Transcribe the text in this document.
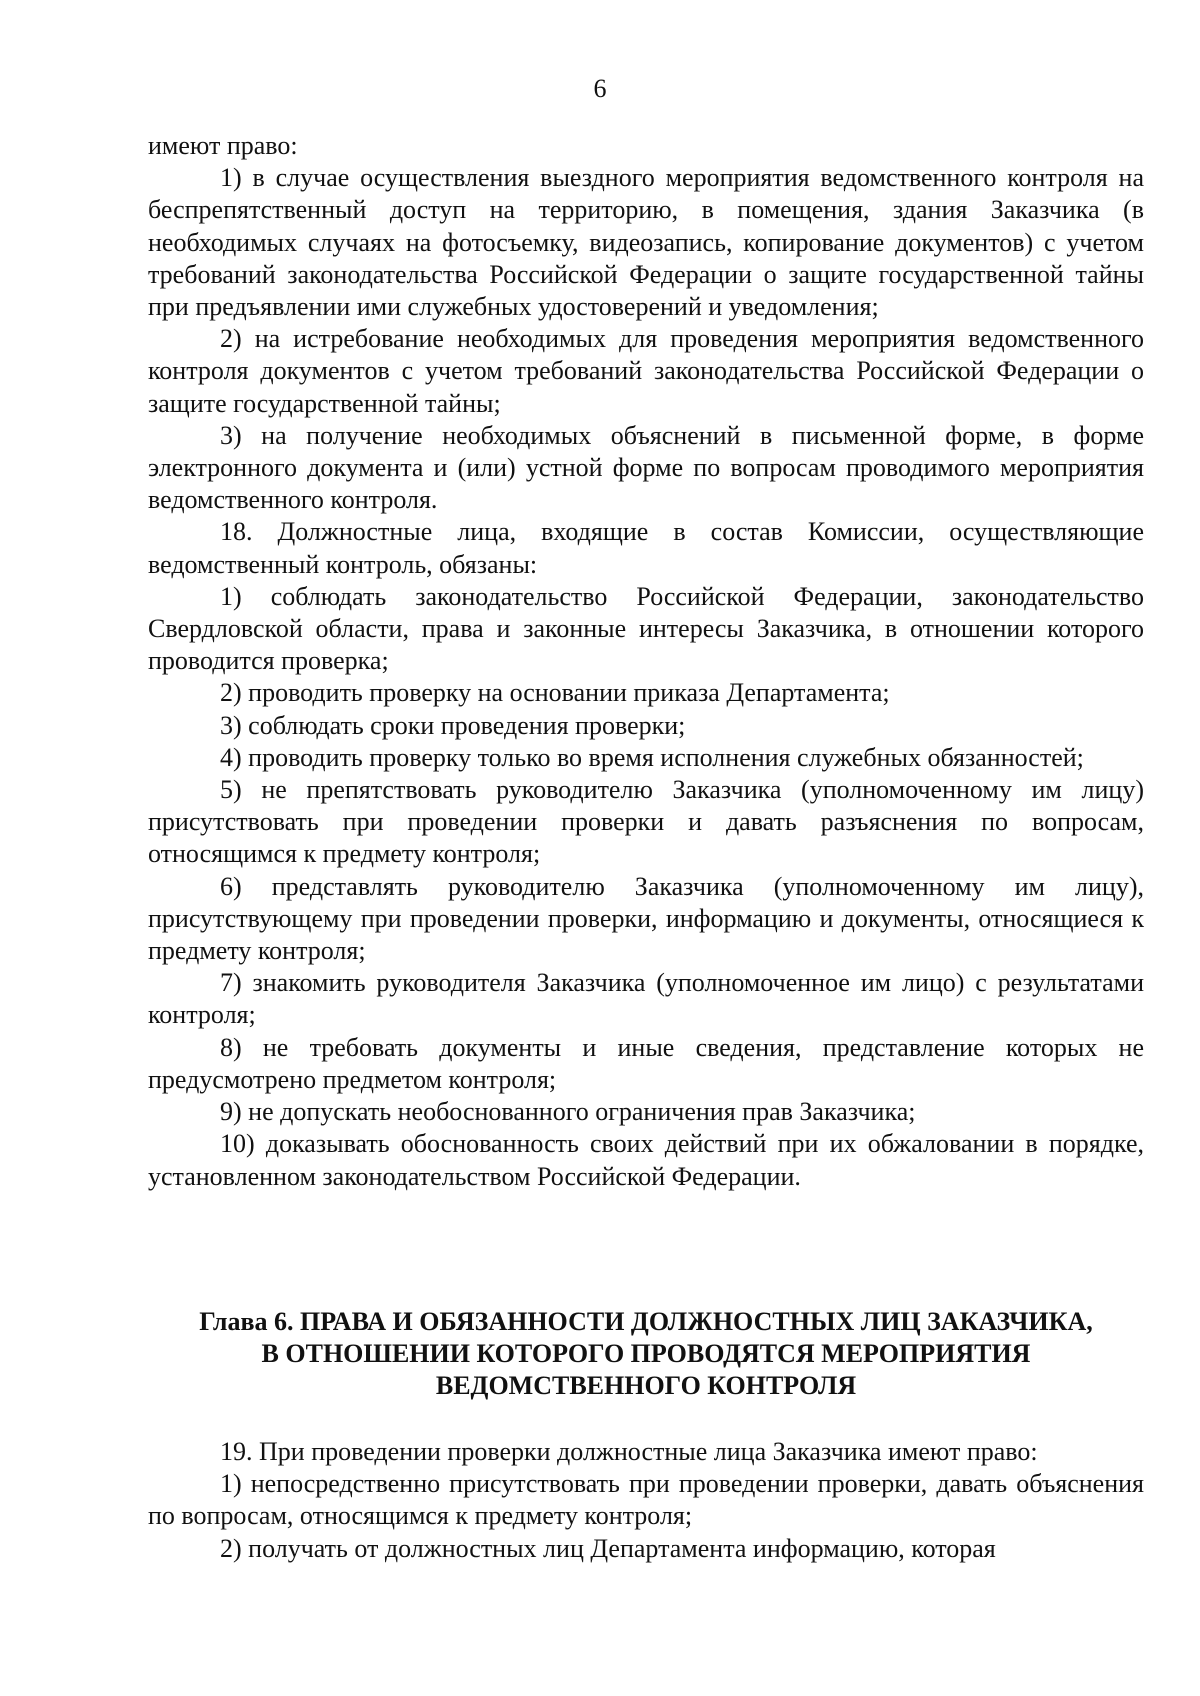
6

имеют право:

1) в случае осуществления выездного мероприятия ведомственного контроля на беспрепятственный доступ на территорию, в помещения, здания Заказчика (в необходимых случаях на фотосъемку, видеозапись, копирование документов) с учетом требований законодательства Российской Федерации о защите государственной тайны при предъявлении ими служебных удостоверений и уведомления;

2) на истребование необходимых для проведения мероприятия ведомственного контроля документов с учетом требований законодательства Российской Федерации о защите государственной тайны;

3) на получение необходимых объяснений в письменной форме, в форме электронного документа и (или) устной форме по вопросам проводимого мероприятия ведомственного контроля.

18. Должностные лица, входящие в состав Комиссии, осуществляющие ведомственный контроль, обязаны:

1) соблюдать законодательство Российской Федерации, законодательство Свердловской области, права и законные интересы Заказчика, в отношении которого проводится проверка;

2) проводить проверку на основании приказа Департамента;

3) соблюдать сроки проведения проверки;

4) проводить проверку только во время исполнения служебных обязанностей;

5) не препятствовать руководителю Заказчика (уполномоченному им лицу) присутствовать при проведении проверки и давать разъяснения по вопросам, относящимся к предмету контроля;

6) представлять руководителю Заказчика (уполномоченному им лицу), присутствующему при проведении проверки, информацию и документы, относящиеся к предмету контроля;

7) знакомить руководителя Заказчика (уполномоченное им лицо) с результатами контроля;

8) не требовать документы и иные сведения, представление которых не предусмотрено предметом контроля;

9) не допускать необоснованного ограничения прав Заказчика;

10) доказывать обоснованность своих действий при их обжаловании в порядке, установленном законодательством Российской Федерации.

Глава 6. ПРАВА И ОБЯЗАННОСТИ ДОЛЖНОСТНЫХ ЛИЦ ЗАКАЗЧИКА,
В ОТНОШЕНИИ КОТОРОГО ПРОВОДЯТСЯ МЕРОПРИЯТИЯ
ВЕДОМСТВЕННОГО КОНТРОЛЯ

19. При проведении проверки должностные лица Заказчика имеют право:

1) непосредственно присутствовать при проведении проверки, давать объяснения по вопросам, относящимся к предмету контроля;

2) получать от должностных лиц Департамента информацию, которая
